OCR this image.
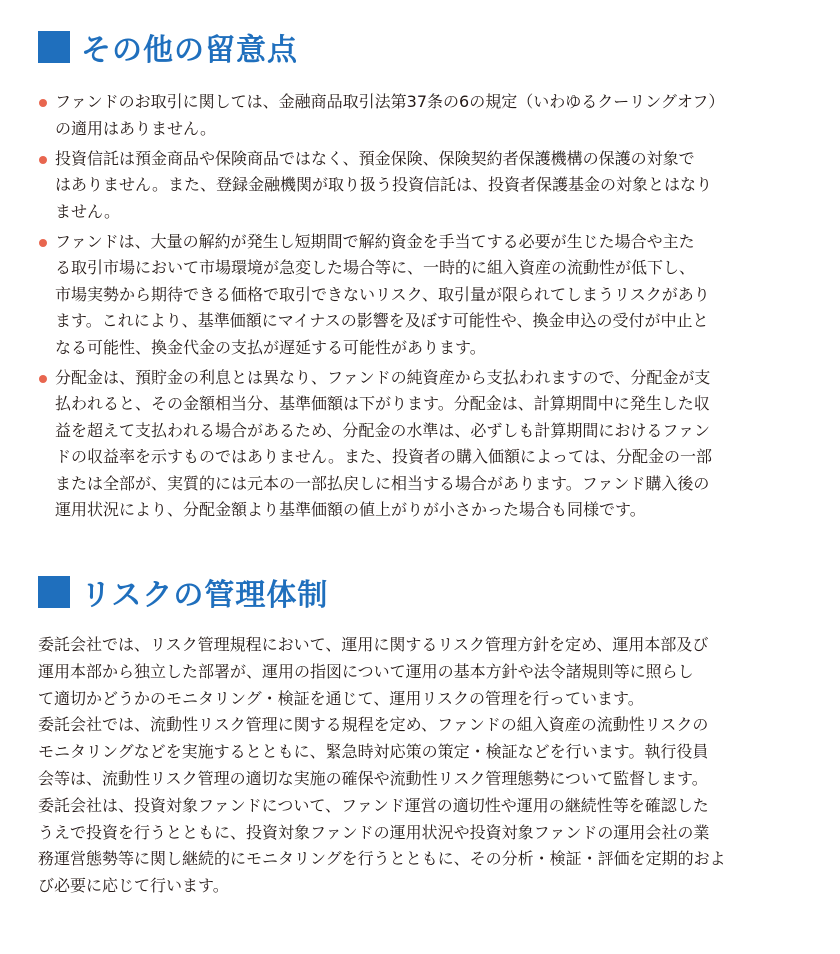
その他の留意点
ファンドのお取引に関しては、金融商品取引法第37条の6の規定（いわゆるクーリングオフ）
の適用はありません。
投資信託は預金商品や保険商品ではなく、預金保険、保険契約者保護機構の保護の対象で
はありません。また、登録金融機関が取り扱う投資信託は、投資者保護基金の対象とはなり
ません。
ファンドは、大量の解約が発生し短期間で解約資金を手当てする必要が生じた場合や主た
る取引市場において市場環境が急変した場合等に、一時的に組入資産の流動性が低下し、
市場実勢から期待できる価格で取引できないリスク、取引量が限られてしまうリスクがあり
ます。これにより、基準価額にマイナスの影響を及ぼす可能性や、換金申込の受付が中止と
なる可能性、換金代金の支払が遅延する可能性があります。
分配金は、預貯金の利息とは異なり、ファンドの純資産から支払われますので、分配金が支
払われると、その金額相当分、基準価額は下がります。分配金は、計算期間中に発生した収
益を超えて支払われる場合があるため、分配金の水準は、必ずしも計算期間におけるファン
ドの収益率を示すものではありません。また、投資者の購入価額によっては、分配金の一部
または全部が、実質的には元本の一部払戻しに相当する場合があります。ファンド購入後の
運用状況により、分配金額より基準価額の値上がりが小さかった場合も同様です。
リスクの管理体制
委託会社では、リスク管理規程において、運用に関するリスク管理方針を定め、運用本部及び
運用本部から独立した部署が、運用の指図について運用の基本方針や法令諸規則等に照らし
て適切かどうかのモニタリング・検証を通じて、運用リスクの管理を行っています。
委託会社では、流動性リスク管理に関する規程を定め、ファンドの組入資産の流動性リスクの
モニタリングなどを実施するとともに、緊急時対応策の策定・検証などを行います。執行役員
会等は、流動性リスク管理の適切な実施の確保や流動性リスク管理態勢について監督します。
委託会社は、投資対象ファンドについて、ファンド運営の適切性や運用の継続性等を確認した
うえで投資を行うとともに、投資対象ファンドの運用状況や投資対象ファンドの運用会社の業
務運営態勢等に関し継続的にモニタリングを行うとともに、その分析・検証・評価を定期的およ
び必要に応じて行います。
